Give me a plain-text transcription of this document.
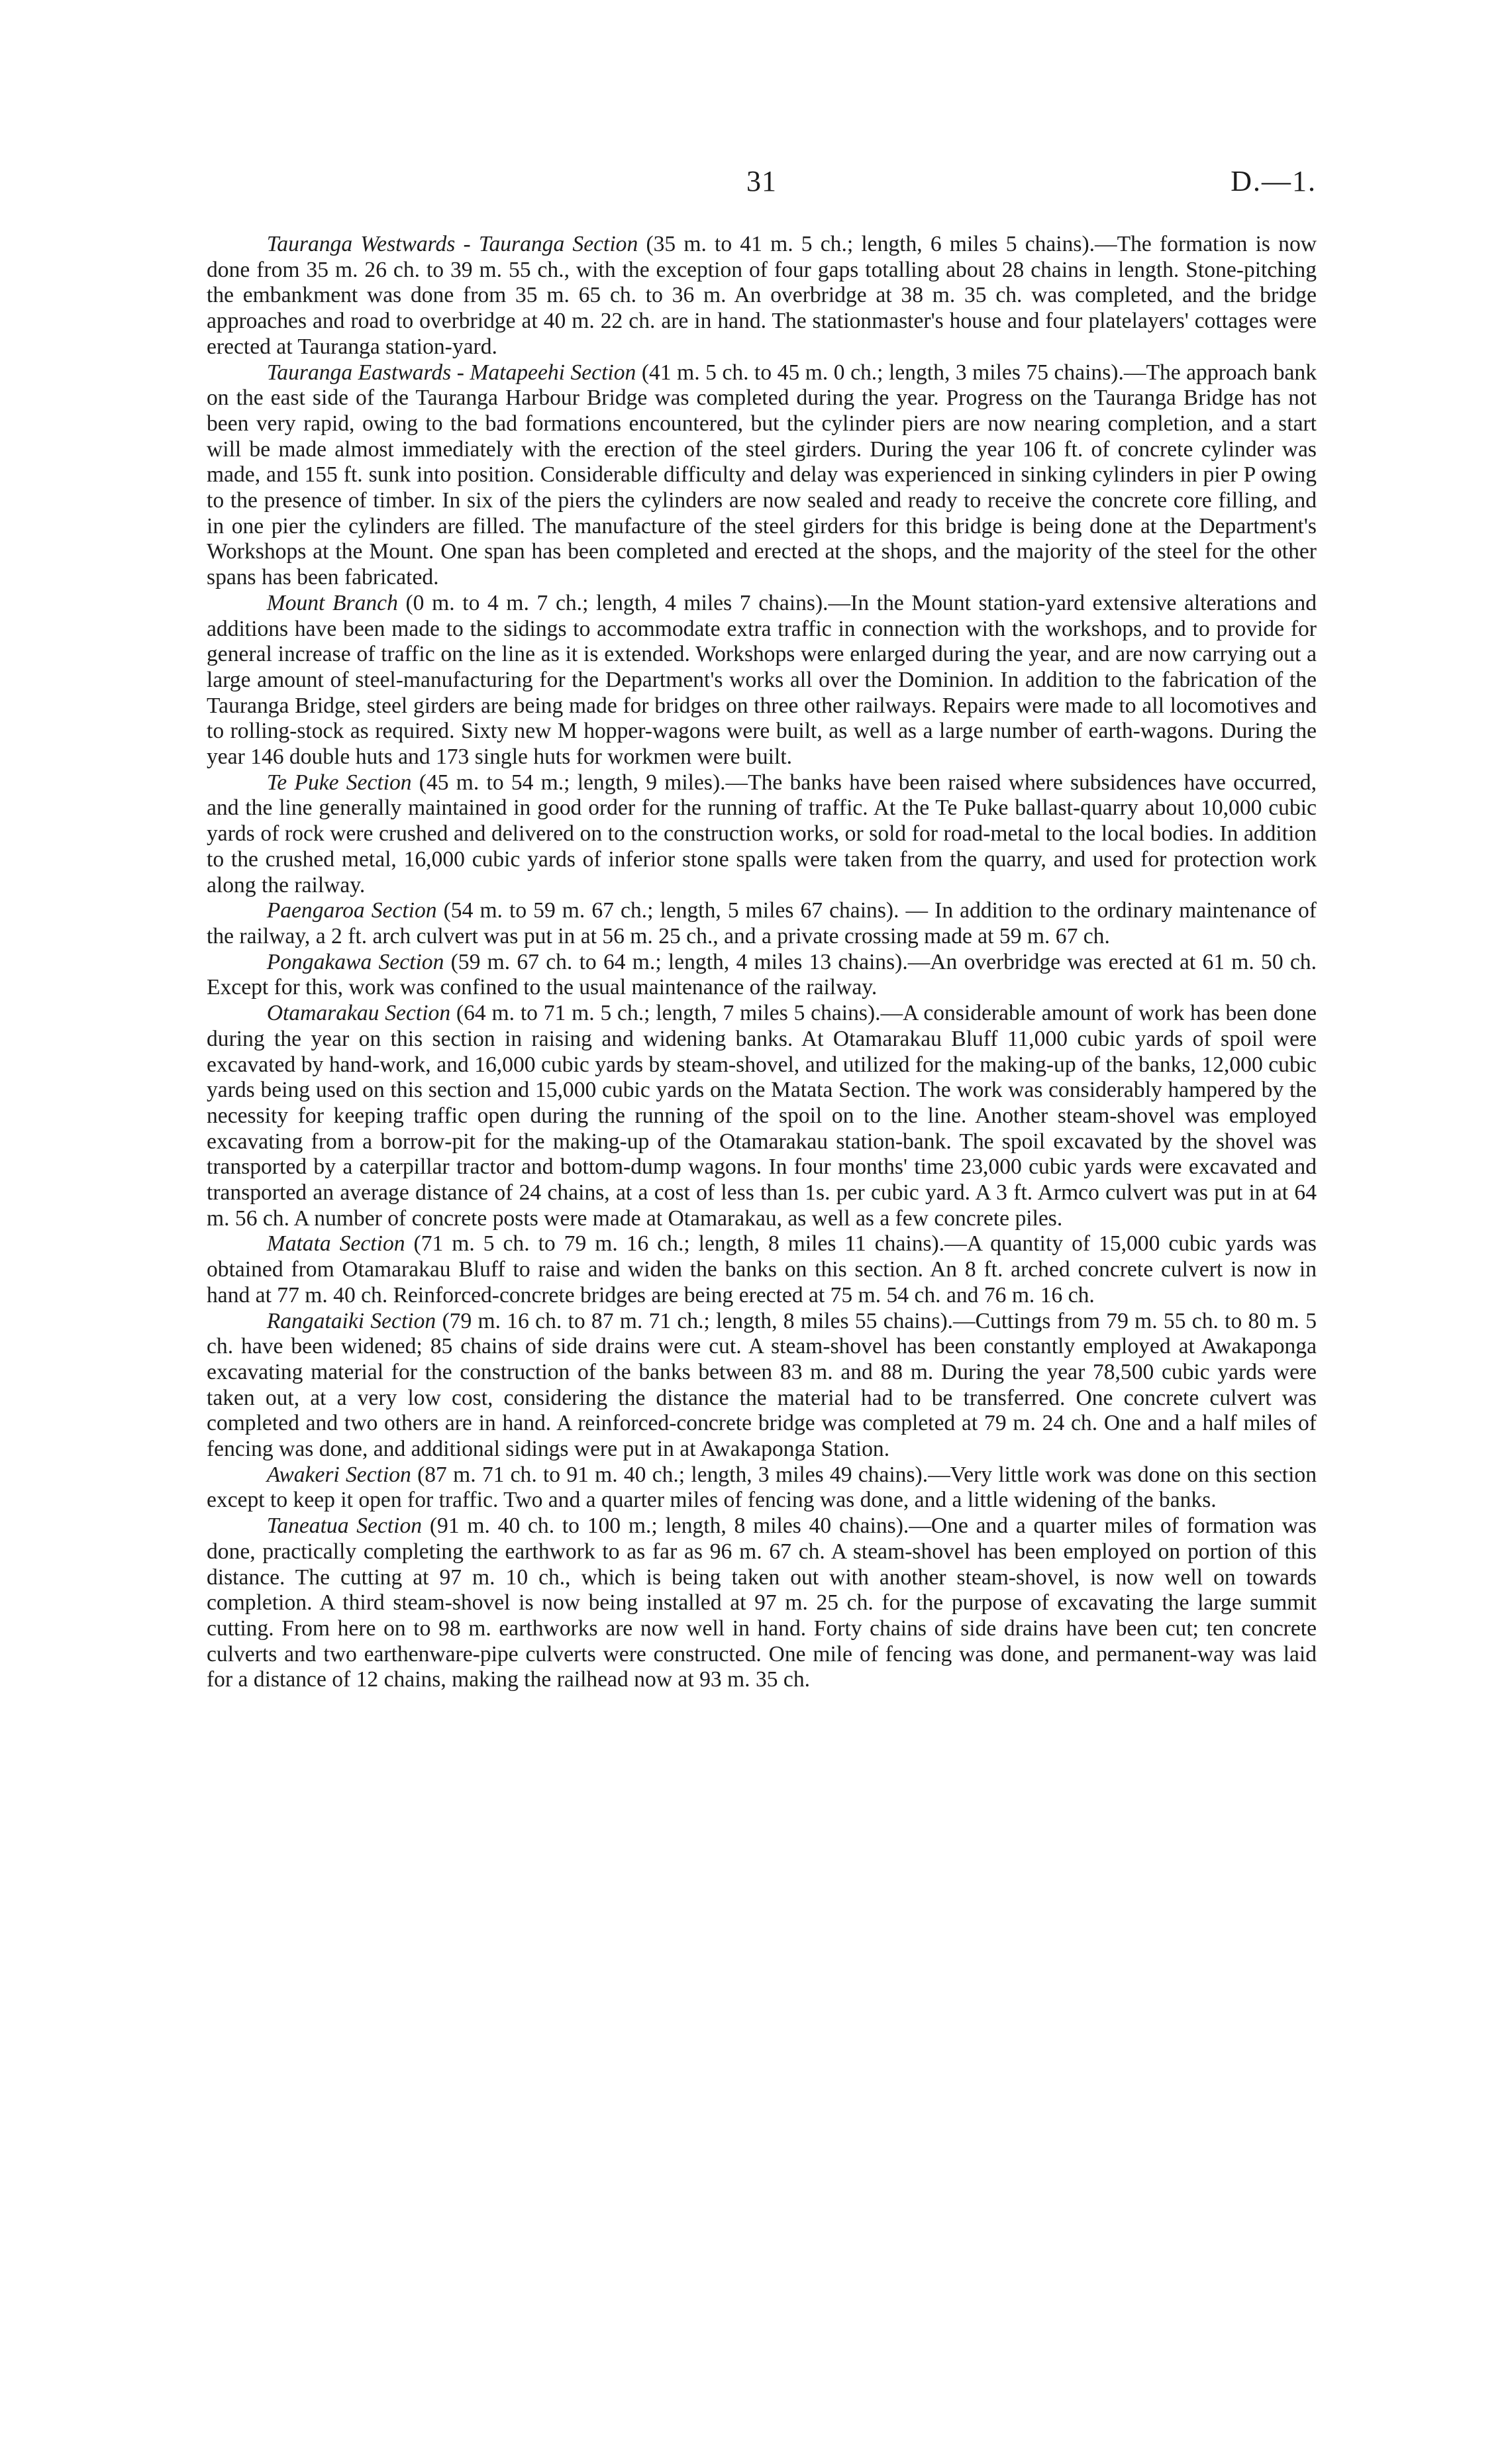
31	D.—1.

Tauranga Westwards - Tauranga Section (35 m. to 41 m. 5 ch.; length, 6 miles 5 chains).—The formation is now done from 35 m. 26 ch. to 39 m. 55 ch., with the exception of four gaps totalling about 28 chains in length. Stone-pitching the embankment was done from 35 m. 65 ch. to 36 m. An overbridge at 38 m. 35 ch. was completed, and the bridge approaches and road to overbridge at 40 m. 22 ch. are in hand. The stationmaster's house and four platelayers' cottages were erected at Tauranga station-yard.

Tauranga Eastwards - Matapeehi Section (41 m. 5 ch. to 45 m. 0 ch.; length, 3 miles 75 chains).—The approach bank on the east side of the Tauranga Harbour Bridge was completed during the year. Progress on the Tauranga Bridge has not been very rapid, owing to the bad formations encountered, but the cylinder piers are now nearing completion, and a start will be made almost immediately with the erection of the steel girders. During the year 106 ft. of concrete cylinder was made, and 155 ft. sunk into position. Considerable difficulty and delay was experienced in sinking cylinders in pier P owing to the presence of timber. In six of the piers the cylinders are now sealed and ready to receive the concrete core filling, and in one pier the cylinders are filled. The manufacture of the steel girders for this bridge is being done at the Department's Workshops at the Mount. One span has been completed and erected at the shops, and the majority of the steel for the other spans has been fabricated.

Mount Branch (0 m. to 4 m. 7 ch.; length, 4 miles 7 chains).—In the Mount station-yard extensive alterations and additions have been made to the sidings to accommodate extra traffic in connection with the workshops, and to provide for general increase of traffic on the line as it is extended. Workshops were enlarged during the year, and are now carrying out a large amount of steel-manufacturing for the Department's works all over the Dominion. In addition to the fabrication of the Tauranga Bridge, steel girders are being made for bridges on three other railways. Repairs were made to all locomotives and to rolling-stock as required. Sixty new M hopper-wagons were built, as well as a large number of earth-wagons. During the year 146 double huts and 173 single huts for workmen were built.

Te Puke Section (45 m. to 54 m.; length, 9 miles).—The banks have been raised where subsidences have occurred, and the line generally maintained in good order for the running of traffic. At the Te Puke ballast-quarry about 10,000 cubic yards of rock were crushed and delivered on to the construction works, or sold for road-metal to the local bodies. In addition to the crushed metal, 16,000 cubic yards of inferior stone spalls were taken from the quarry, and used for protection work along the railway.

Paengaroa Section (54 m. to 59 m. 67 ch.; length, 5 miles 67 chains). — In addition to the ordinary maintenance of the railway, a 2 ft. arch culvert was put in at 56 m. 25 ch., and a private crossing made at 59 m. 67 ch.

Pongakawa Section (59 m. 67 ch. to 64 m.; length, 4 miles 13 chains).—An overbridge was erected at 61 m. 50 ch. Except for this, work was confined to the usual maintenance of the railway.

Otamarakau Section (64 m. to 71 m. 5 ch.; length, 7 miles 5 chains).—A considerable amount of work has been done during the year on this section in raising and widening banks. At Otamarakau Bluff 11,000 cubic yards of spoil were excavated by hand-work, and 16,000 cubic yards by steam-shovel, and utilized for the making-up of the banks, 12,000 cubic yards being used on this section and 15,000 cubic yards on the Matata Section. The work was considerably hampered by the necessity for keeping traffic open during the running of the spoil on to the line. Another steam-shovel was employed excavating from a borrow-pit for the making-up of the Otamarakau station-bank. The spoil excavated by the shovel was transported by a caterpillar tractor and bottom-dump wagons. In four months' time 23,000 cubic yards were excavated and transported an average distance of 24 chains, at a cost of less than 1s. per cubic yard. A 3 ft. Armco culvert was put in at 64 m. 56 ch. A number of concrete posts were made at Otamarakau, as well as a few concrete piles.

Matata Section (71 m. 5 ch. to 79 m. 16 ch.; length, 8 miles 11 chains).—A quantity of 15,000 cubic yards was obtained from Otamarakau Bluff to raise and widen the banks on this section. An 8 ft. arched concrete culvert is now in hand at 77 m. 40 ch. Reinforced-concrete bridges are being erected at 75 m. 54 ch. and 76 m. 16 ch.

Rangataiki Section (79 m. 16 ch. to 87 m. 71 ch.; length, 8 miles 55 chains).—Cuttings from 79 m. 55 ch. to 80 m. 5 ch. have been widened; 85 chains of side drains were cut. A steam-shovel has been constantly employed at Awakaponga excavating material for the construction of the banks between 83 m. and 88 m. During the year 78,500 cubic yards were taken out, at a very low cost, considering the distance the material had to be transferred. One concrete culvert was completed and two others are in hand. A reinforced-concrete bridge was completed at 79 m. 24 ch. One and a half miles of fencing was done, and additional sidings were put in at Awakaponga Station.

Awakeri Section (87 m. 71 ch. to 91 m. 40 ch.; length, 3 miles 49 chains).—Very little work was done on this section except to keep it open for traffic. Two and a quarter miles of fencing was done, and a little widening of the banks.

Taneatua Section (91 m. 40 ch. to 100 m.; length, 8 miles 40 chains).—One and a quarter miles of formation was done, practically completing the earthwork to as far as 96 m. 67 ch. A steam-shovel has been employed on portion of this distance. The cutting at 97 m. 10 ch., which is being taken out with another steam-shovel, is now well on towards completion. A third steam-shovel is now being installed at 97 m. 25 ch. for the purpose of excavating the large summit cutting. From here on to 98 m. earthworks are now well in hand. Forty chains of side drains have been cut; ten concrete culverts and two earthenware-pipe culverts were constructed. One mile of fencing was done, and permanent-way was laid for a distance of 12 chains, making the railhead now at 93 m. 35 ch.
